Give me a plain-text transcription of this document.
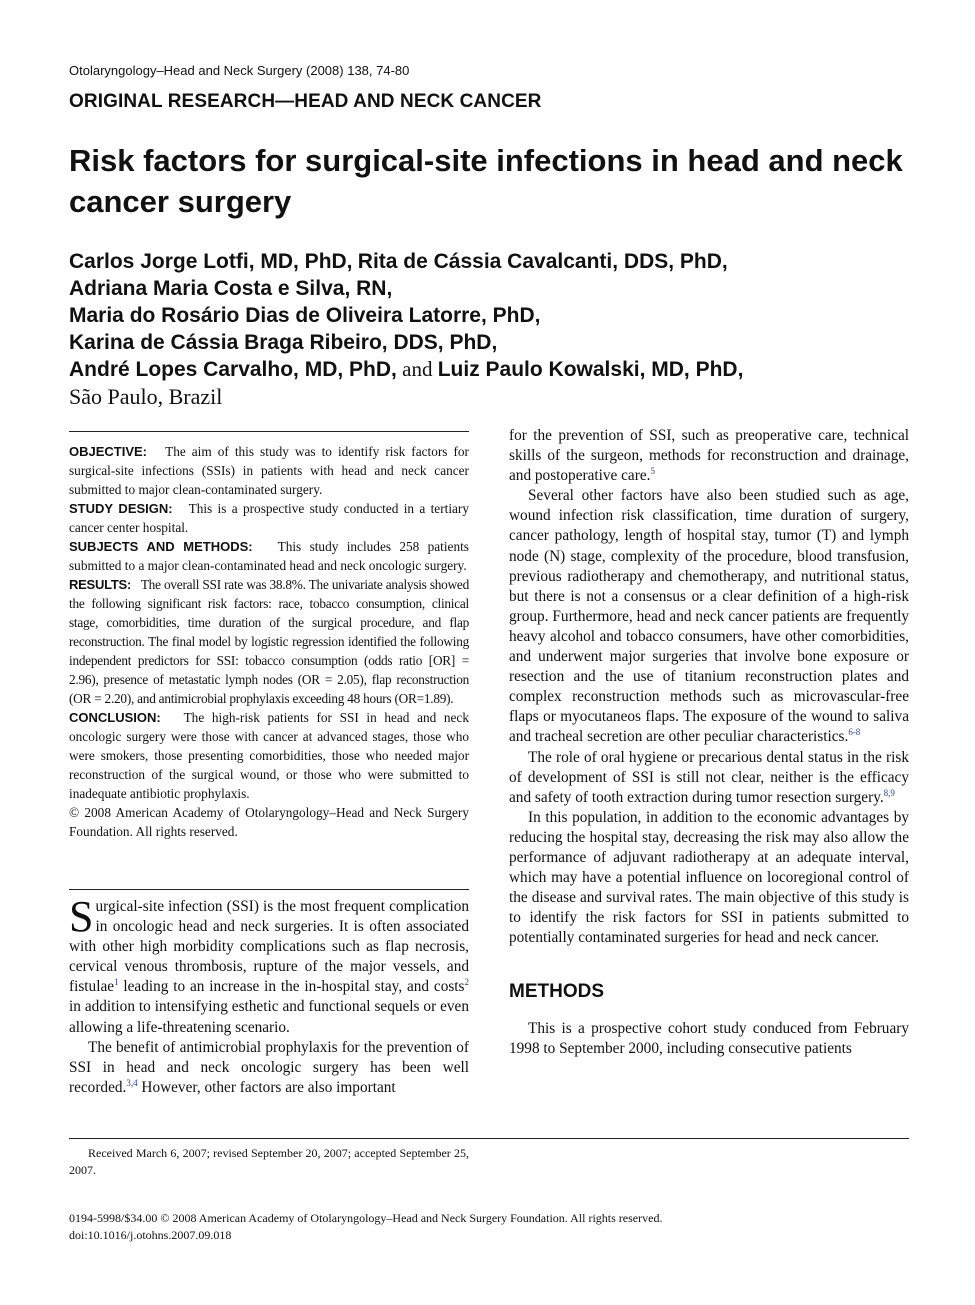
Otolaryngology–Head and Neck Surgery (2008) 138, 74-80
ORIGINAL RESEARCH—HEAD AND NECK CANCER
Risk factors for surgical-site infections in head and neck cancer surgery
Carlos Jorge Lotfi, MD, PhD, Rita de Cássia Cavalcanti, DDS, PhD,
Adriana Maria Costa e Silva, RN,
Maria do Rosário Dias de Oliveira Latorre, PhD,
Karina de Cássia Braga Ribeiro, DDS, PhD,
André Lopes Carvalho, MD, PhD, and Luiz Paulo Kowalski, MD, PhD,
São Paulo, Brazil

OBJECTIVE: The aim of this study was to identify risk factors for surgical-site infections (SSIs) in patients with head and neck cancer submitted to major clean-contaminated surgery.

STUDY DESIGN: This is a prospective study conducted in a tertiary cancer center hospital.

SUBJECTS AND METHODS: This study includes 258 patients submitted to a major clean-contaminated head and neck oncologic surgery.

RESULTS: The overall SSI rate was 38.8%. The univariate analysis showed the following significant risk factors: race, tobacco consumption, clinical stage, comorbidities, time duration of the surgical procedure, and flap reconstruction. The final model by logistic regression identified the following independent predictors for SSI: tobacco consumption (odds ratio [OR] = 2.96), presence of metastatic lymph nodes (OR = 2.05), flap reconstruction (OR = 2.20), and antimicrobial prophylaxis exceeding 48 hours (OR=1.89).

CONCLUSION: The high-risk patients for SSI in head and neck oncologic surgery were those with cancer at advanced stages, those who were smokers, those presenting comorbidities, those who needed major reconstruction of the surgical wound, or those who were submitted to inadequate antibiotic prophylaxis.

© 2008 American Academy of Otolaryngology–Head and Neck Surgery Foundation. All rights reserved.

Surgical-site infection (SSI) is the most frequent complication in oncologic head and neck surgeries. It is often associated with other high morbidity complications such as flap necrosis, cervical venous thrombosis, rupture of the major vessels, and fistulae$^1$ leading to an increase in the in-hospital stay, and costs$^2$ in addition to intensifying esthetic and functional sequels or even allowing a life-threatening scenario.

The benefit of antimicrobial prophylaxis for the prevention of SSI in head and neck oncologic surgery has been well recorded.$^{3,4}$ However, other factors are also important

for the prevention of SSI, such as preoperative care, technical skills of the surgeon, methods for reconstruction and drainage, and postoperative care.$^5$

Several other factors have also been studied such as age, wound infection risk classification, time duration of surgery, cancer pathology, length of hospital stay, tumor (T) and lymph node (N) stage, complexity of the procedure, blood transfusion, previous radiotherapy and chemotherapy, and nutritional status, but there is not a consensus or a clear definition of a high-risk group. Furthermore, head and neck cancer patients are frequently heavy alcohol and tobacco consumers, have other comorbidities, and underwent major surgeries that involve bone exposure or resection and the use of titanium reconstruction plates and complex reconstruction methods such as microvascular-free flaps or myocutaneos flaps. The exposure of the wound to saliva and tracheal secretion are other peculiar characteristics.$^{6-8}$

The role of oral hygiene or precarious dental status in the risk of development of SSI is still not clear, neither is the efficacy and safety of tooth extraction during tumor resection surgery.$^{8,9}$

In this population, in addition to the economic advantages by reducing the hospital stay, decreasing the risk may also allow the performance of adjuvant radiotherapy at an adequate interval, which may have a potential influence on locoregional control of the disease and survival rates. The main objective of this study is to identify the risk factors for SSI in patients submitted to potentially contaminated surgeries for head and neck cancer.

METHODS

This is a prospective cohort study conduced from February 1998 to September 2000, including consecutive patients

Received March 6, 2007; revised September 20, 2007; accepted September 25, 2007.
0194-5998/$34.00 © 2008 American Academy of Otolaryngology–Head and Neck Surgery Foundation. All rights reserved.
doi:10.1016/j.otohns.2007.09.018
